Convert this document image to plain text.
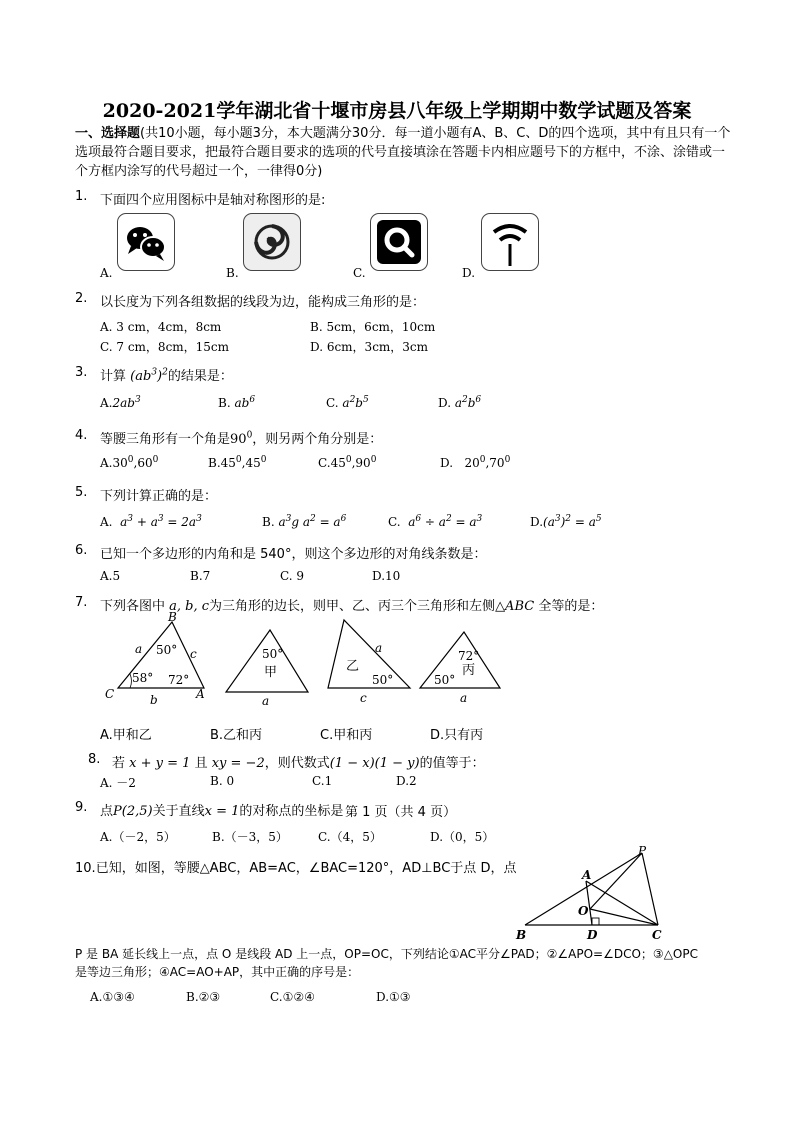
2020-2021学年湖北省十堰市房县八年级上学期期中数学试题及答案
一、选择题(共10小题，每小题3分，本大题满分30分．每一道小题有A、B、C、D的四个选项，其中有且只有一个选项最符合题目要求，把最符合题目要求的选项的代号直接填涂在答题卡内相应题号下的方框中，不涂、涂错或一个方框内涂写的代号超过一个，一律得0分)
1. 下面四个应用图标中是轴对称图形的是:
A.	B.	C.	D.
2. 以长度为下列各组数据的线段为边，能构成三角形的是：
A. 3 cm，4cm，8cm	B. 5cm，6cm，10cm
C. 7 cm，8cm，15cm	D. 6cm，3cm，3cm
3. 计算 $(ab^3)^2$的结果是：
$A.2ab^3$	B. $ab^6$	C. $a^2b^5$	D. $a^2b^6$
4. 等腰三角形有一个角是$90^0$，则另两个角分别是：
$A.30^0,60^0$	$B.45^0,45^0$	$C.45^0,90^0$	D.   $20^0,70^0$
5. 下列计算正确的是：
A. $a^3 + a^3 = 2a^3$	B. $a^3g$ $a^2 = a^6$	C. $a^6 \div a^2 = a^3$	$D.(a^3)^2 = a^5$
6. 已知一个多边形的内角和是 540°，则这个多边形的对角线条数是：
A.5	B.7	C. 9	D.10
7. 下列各图中 a, b, c为三角形的边长，则甲、乙、丙三个三角形和左侧△ABC 全等的是：
B
C	A
a
b
c
50°
58° 72°
50°
甲
a
a
乙
50°
c
72°
丙
50°
a
A.甲和乙	B.乙和丙	C.甲和丙	D.只有丙
8. 若 x + y = 1 且 xy = −2，则代数式(1 − x)(1 − y)的值等于：
A. －2	B. 0	C.1	D.2
9. 点P(2,5)关于直线x = 1的对称点的坐标是 第 1 页（共 4 页）
A.（－2，5）	B.（－3，5）	C.（4，5）	D.（0，5）
10.已知，如图，等腰△ABC，AB=AC，∠BAC=120°，AD⊥BC于点 D，点
P
A
O
B	D	C
P 是 BA 延长线上一点，点 O 是线段 AD 上一点，OP=OC，下列结论①AC平分∠PAD；②∠APO=∠DCO；③△OPC
是等边三角形；④AC=AO+AP，其中正确的序号是：
A.①③④	B.②③	C.①②④	D.①③
